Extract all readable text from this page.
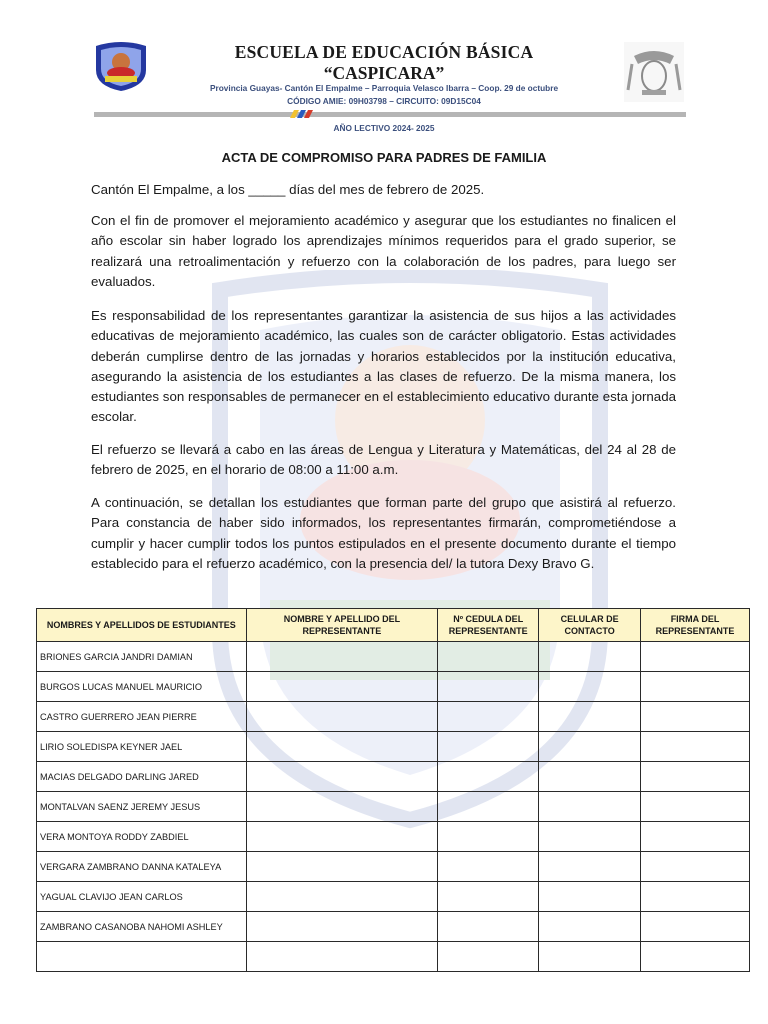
ESCUELA DE EDUCACIÓN BÁSICA
“CASPICARA”
Provincia Guayas- Cantón El Empalme – Parroquia Velasco Ibarra – Coop. 29 de octubre
CÓDIGO AMIE: 09H03798 – CIRCUITO: 09D15C04
AÑO LECTIVO 2024- 2025
ACTA DE COMPROMISO PARA PADRES DE FAMILIA
Cantón El Empalme, a los _____ días del mes de febrero de 2025.
Con el fin de promover el mejoramiento académico y asegurar que los estudiantes no finalicen el año escolar sin haber logrado los aprendizajes mínimos requeridos para el grado superior, se realizará una retroalimentación y refuerzo con la colaboración de los padres, para luego ser evaluados.
Es responsabilidad de los representantes garantizar la asistencia de sus hijos a las actividades educativas de mejoramiento académico, las cuales son de carácter obligatorio. Estas actividades deberán cumplirse dentro de las jornadas y horarios establecidos por la institución educativa, asegurando la asistencia de los estudiantes a las clases de refuerzo. De la misma manera, los estudiantes son responsables de permanecer en el establecimiento educativo durante esta jornada escolar.
El refuerzo se llevará a cabo en las áreas de Lengua y Literatura y Matemáticas, del 24 al 28 de febrero de 2025, en el horario de 08:00 a 11:00 a.m.
A continuación, se detallan los estudiantes que forman parte del grupo que asistirá al refuerzo. Para constancia de haber sido informados, los representantes firmarán, comprometiéndose a cumplir y hacer cumplir todos los puntos estipulados en el presente documento durante el tiempo establecido para el refuerzo académico, con la presencia del/ la tutora Dexy Bravo G.
NOMBRES Y APELLIDOS DE ESTUDIANTES	NOMBRE Y APELLIDO DEL REPRESENTANTE	Nº CEDULA DEL REPRESENTANTE	CELULAR DE CONTACTO	FIRMA DEL REPRESENTANTE
BRIONES GARCIA JANDRI DAMIAN				
BURGOS LUCAS MANUEL MAURICIO				
CASTRO GUERRERO JEAN PIERRE				
LIRIO SOLEDISPA KEYNER JAEL				
MACIAS DELGADO DARLING JARED				
MONTALVAN SAENZ JEREMY JESUS				
VERA MONTOYA RODDY ZABDIEL				
VERGARA ZAMBRANO DANNA KATALEYA				
YAGUAL CLAVIJO JEAN CARLOS				
ZAMBRANO CASANOBA NAHOMI ASHLEY				
